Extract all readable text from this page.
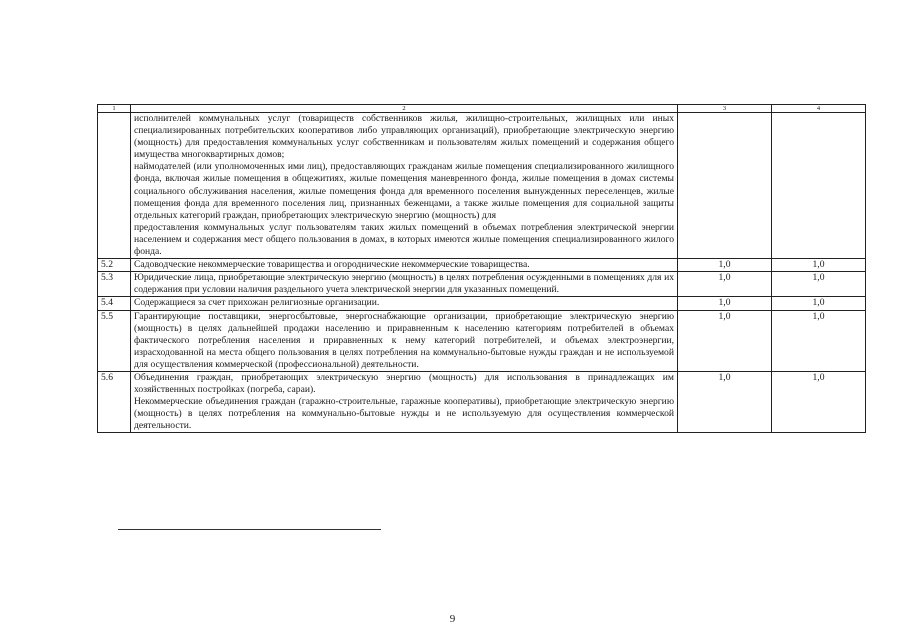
1	2	3	4

	исполнителей коммунальных услуг (товариществ собственников жилья, жилищно-строительных, жилищных или иных специализированных потребительских кооперативов либо управляющих организаций), приобретающие электрическую энергию (мощность) для предоставления коммунальных услуг собственникам и пользователям жилых помещений и содержания общего имущества многоквартирных домов;

наймодателей (или уполномоченных ими лиц), предоставляющих гражданам жилые помещения специализированного жилищного фонда, включая жилые помещения в общежитиях, жилые помещения маневренного фонда, жилые помещения в домах системы социального обслуживания населения, жилые помещения фонда для временного поселения вынужденных переселенцев, жилые помещения фонда для временного поселения лиц, признанных беженцами, а также жилые помещения для социальной защиты отдельных категорий граждан, приобретающих электрическую энергию (мощность) для

предоставления коммунальных услуг пользователям таких жилых помещений в объемах потребления электрической энергии населением и содержания мест общего пользования в домах, в которых имеются жилые помещения специализированного жилого фонда.		

5.2	Садоводческие некоммерческие товарищества и огороднические некоммерческие товарищества.	1,0	1,0
5.3	Юридические лица, приобретающие электрическую энергию (мощность) в целях потребления осужденными в помещениях для их содержания при условии наличия раздельного учета электрической энергии для указанных помещений.	1,0	1,0
5.4	Содержащиеся за счет прихожан религиозные организации.	1,0	1,0
5.5	Гарантирующие поставщики, энергосбытовые, энергоснабжающие организации, приобретающие электрическую энергию (мощность) в целях дальнейшей продажи населению и приравненным к населению категориям потребителей в объемах фактического потребления населения и приравненных к нему категорий потребителей, и объемах электроэнергии, израсходованной на места общего пользования в целях потребления на коммунально-бытовые нужды граждан и не используемой для осуществления коммерческой (профессиональной) деятельности.	1,0	1,0
5.6	Объединения граждан, приобретающих электрическую энергию (мощность) для использования в принадлежащих им хозяйственных постройках (погреба, сараи).

Некоммерческие объединения граждан (гаражно-строительные, гаражные кооперативы), приобретающие электрическую энергию (мощность) в целях потребления на коммунально-бытовые нужды и не используемую для осуществления коммерческой деятельности.	1,0	1,0
9
